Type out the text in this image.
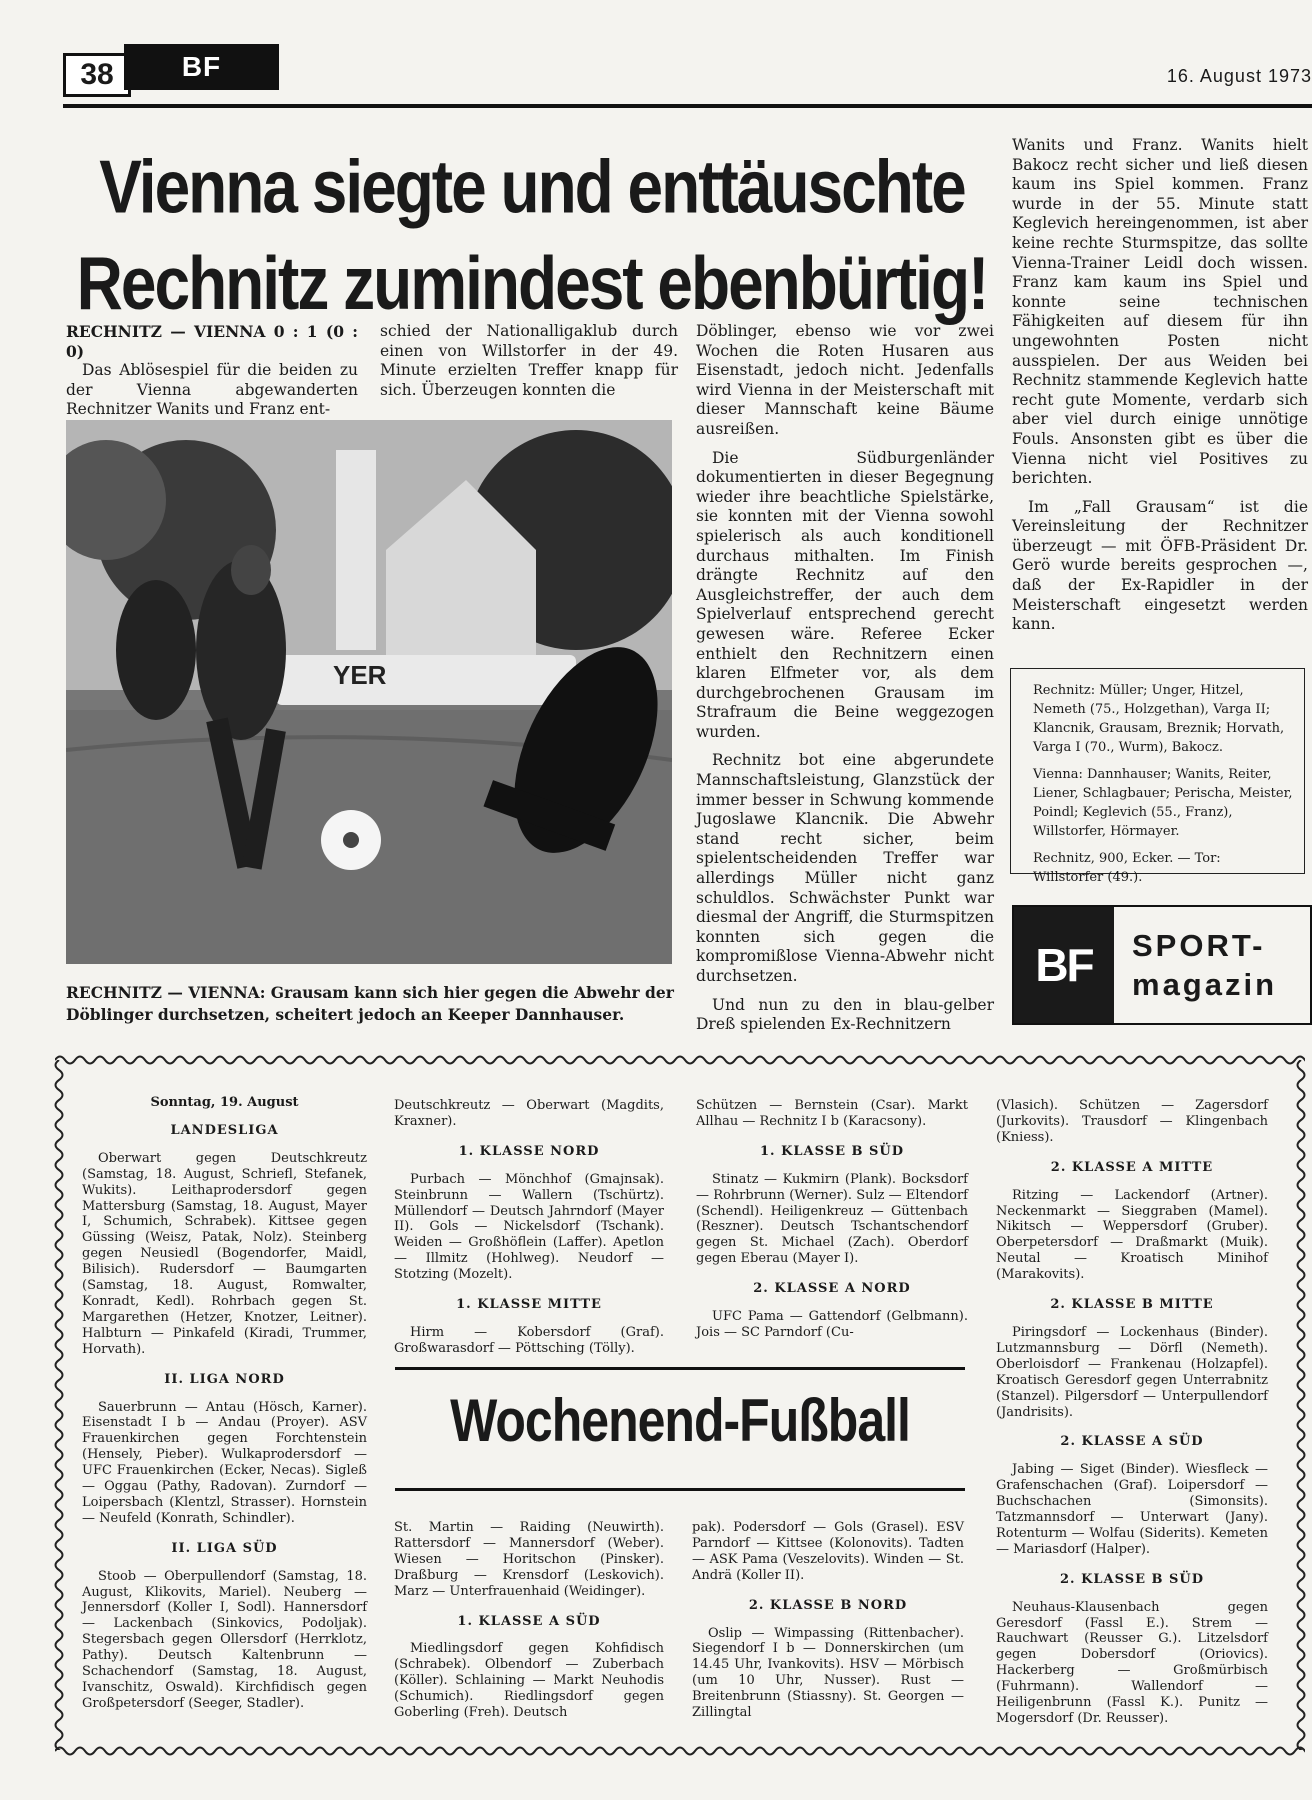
38	BF	16. August 1973
Vienna siegte und enttäuschte
Rechnitz zumindest ebenbürtig!

RECHNITZ — VIENNA 0 : 1 (0 : 0)

Das Ablösespiel für die beiden zu der Vienna abgewanderten Rechnitzer Wanits und Franz ent-

schied der Nationalligaklub durch einen von Willstorfer in der 49. Minute erzielten Treffer knapp für sich. Überzeugen konnten die

YER
RECHNITZ — VIENNA: Grausam kann sich hier gegen die Abwehr der Döblinger durchsetzen, scheitert jedoch an Keeper Dannhauser.

Döblinger, ebenso wie vor zwei Wochen die Roten Husaren aus Eisenstadt, jedoch nicht. Jedenfalls wird Vienna in der Meisterschaft mit dieser Mannschaft keine Bäume ausreißen.

Die Südburgenländer dokumentierten in dieser Begegnung wieder ihre beachtliche Spielstärke, sie konnten mit der Vienna sowohl spielerisch als auch konditionell durchaus mithalten. Im Finish drängte Rechnitz auf den Ausgleichstreffer, der auch dem Spielverlauf entsprechend gerecht gewesen wäre. Referee Ecker enthielt den Rechnitzern einen klaren Elfmeter vor, als dem durchgebrochenen Grausam im Strafraum die Beine weggezogen wurden.

Rechnitz bot eine abgerundete Mannschaftsleistung, Glanzstück der immer besser in Schwung kommende Jugoslawe Klancnik. Die Abwehr stand recht sicher, beim spielentscheidenden Treffer war allerdings Müller nicht ganz schuldlos. Schwächster Punkt war diesmal der Angriff, die Sturmspitzen konnten sich gegen die kompromißlose Vienna-Abwehr nicht durchsetzen.

Und nun zu den in blau-gelber Dreß spielenden Ex-Rechnitzern

Wanits und Franz. Wanits hielt Bakocz recht sicher und ließ diesen kaum ins Spiel kommen. Franz wurde in der 55. Minute statt Keglevich hereingenommen, ist aber keine rechte Sturmspitze, das sollte Vienna-Trainer Leidl doch wissen. Franz kam kaum ins Spiel und konnte seine technischen Fähigkeiten auf diesem für ihn ungewohnten Posten nicht ausspielen. Der aus Weiden bei Rechnitz stammende Keglevich hatte recht gute Momente, verdarb sich aber viel durch einige unnötige Fouls. Ansonsten gibt es über die Vienna nicht viel Positives zu berichten.

Im „Fall Grausam“ ist die Vereinsleitung der Rechnitzer überzeugt — mit ÖFB-Präsident Dr. Gerö wurde bereits gesprochen —, daß der Ex-Rapidler in der Meisterschaft eingesetzt werden kann.

Rechnitz: Müller; Unger, Hitzel, Nemeth (75., Holzgethan), Varga II; Klancnik, Grausam, Breznik; Horvath, Varga I (70., Wurm), Bakocz.

Vienna: Dannhauser; Wanits, Reiter, Liener, Schlagbauer; Perischa, Meister, Poindl; Keglevich (55., Franz), Willstorfer, Hörmayer.

Rechnitz, 900, Ecker. — Tor: Willstorfer (49.).

BF	SPORT-
magazin
Sonntag, 19. August
LANDESLIGA

Oberwart gegen Deutschkreutz (Samstag, 18. August, Schriefl, Stefanek, Wukits). Leithaprodersdorf gegen Mattersburg (Samstag, 18. August, Mayer I, Schumich, Schrabek). Kittsee gegen Güssing (Weisz, Patak, Nolz). Steinberg gegen Neusiedl (Bogendorfer, Maidl, Bilisich). Rudersdorf — Baumgarten (Samstag, 18. August, Romwalter, Konradt, Kedl). Rohrbach gegen St. Margarethen (Hetzer, Knotzer, Leitner). Halbturn — Pinkafeld (Kiradi, Trummer, Horvath).

II. LIGA NORD

Sauerbrunn — Antau (Hösch, Karner). Eisenstadt I b — Andau (Proyer). ASV Frauenkirchen gegen Forchtenstein (Hensely, Pieber). Wulkaprodersdorf — UFC Frauenkirchen (Ecker, Necas). Sigleß — Oggau (Pathy, Radovan). Zurndorf — Loipersbach (Klentzl, Strasser). Hornstein — Neufeld (Konrath, Schindler).

II. LIGA SÜD

Stoob — Oberpullendorf (Samstag, 18. August, Klikovits, Mariel). Neuberg — Jennersdorf (Koller I, Sodl). Hannersdorf — Lackenbach (Sinkovics, Podoljak). Stegersbach gegen Ollersdorf (Herrklotz, Pathy). Deutsch Kaltenbrunn — Schachendorf (Samstag, 18. August, Ivanschitz, Oswald). Kirchfidisch gegen Großpetersdorf (Seeger, Stadler).

Deutschkreutz — Oberwart (Magdits, Kraxner).

1. KLASSE NORD

Purbach — Mönchhof (Gmajnsak). Steinbrunn — Wallern (Tschürtz). Müllendorf — Deutsch Jahrndorf (Mayer II). Gols — Nickelsdorf (Tschank). Weiden — Großhöflein (Laffer). Apetlon — Illmitz (Hohlweg). Neudorf — Stotzing (Mozelt).

1. KLASSE MITTE

Hirm — Kobersdorf (Graf). Großwarasdorf — Pöttsching (Tölly).

Schützen — Bernstein (Csar). Markt Allhau — Rechnitz I b (Karacsony).

1. KLASSE B SÜD

Stinatz — Kukmirn (Plank). Bocksdorf — Rohrbrunn (Werner). Sulz — Eltendorf (Schendl). Heiligenkreuz — Güttenbach (Reszner). Deutsch Tschantschendorf gegen St. Michael (Zach). Oberdorf gegen Eberau (Mayer I).

2. KLASSE A NORD

UFC Pama — Gattendorf (Gelbmann). Jois — SC Parndorf (Cu-

Wochenend-Fußball

St. Martin — Raiding (Neuwirth). Rattersdorf — Mannersdorf (Weber). Wiesen — Horitschon (Pinsker). Draßburg — Krensdorf (Leskovich). Marz — Unterfrauenhaid (Weidinger).

1. KLASSE A SÜD

Miedlingsdorf gegen Kohfidisch (Schrabek). Olbendorf — Zuberbach (Köller). Schlaining — Markt Neuhodis (Schumich). Riedlingsdorf gegen Goberling (Freh). Deutsch

pak). Podersdorf — Gols (Grasel). ESV Parndorf — Kittsee (Kolonovits). Tadten — ASK Pama (Veszelovits). Winden — St. Andrä (Koller II).

2. KLASSE B NORD

Oslip — Wimpassing (Rittenbacher). Siegendorf I b — Donnerskirchen (um 14.45 Uhr, Ivankovits). HSV — Mörbisch (um 10 Uhr, Nusser). Rust — Breitenbrunn (Stiassny). St. Georgen — Zillingtal

(Vlasich). Schützen — Zagersdorf (Jurkovits). Trausdorf — Klingenbach (Kniess).

2. KLASSE A MITTE

Ritzing — Lackendorf (Artner). Neckenmarkt — Sieggraben (Mamel). Nikitsch — Weppersdorf (Gruber). Oberpetersdorf — Draßmarkt (Muik). Neutal — Kroatisch Minihof (Marakovits).

2. KLASSE B MITTE

Piringsdorf — Lockenhaus (Binder). Lutzmannsburg — Dörfl (Nemeth). Oberloisdorf — Frankenau (Holzapfel). Kroatisch Geresdorf gegen Unterrabnitz (Stanzel). Pilgersdorf — Unterpullendorf (Jandrisits).

2. KLASSE A SÜD

Jabing — Siget (Binder). Wiesfleck — Grafenschachen (Graf). Loipersdorf — Buchschachen (Simonsits). Tatzmannsdorf — Unterwart (Jany). Rotenturm — Wolfau (Siderits). Kemeten — Mariasdorf (Halper).

2. KLASSE B SÜD

Neuhaus-Klausenbach gegen Geresdorf (Fassl E.). Strem — Rauchwart (Reusser G.). Litzelsdorf gegen Dobersdorf (Oriovics). Hackerberg — Großmürbisch (Fuhrmann). Wallendorf — Heiligenbrunn (Fassl K.). Punitz — Mogersdorf (Dr. Reusser).
